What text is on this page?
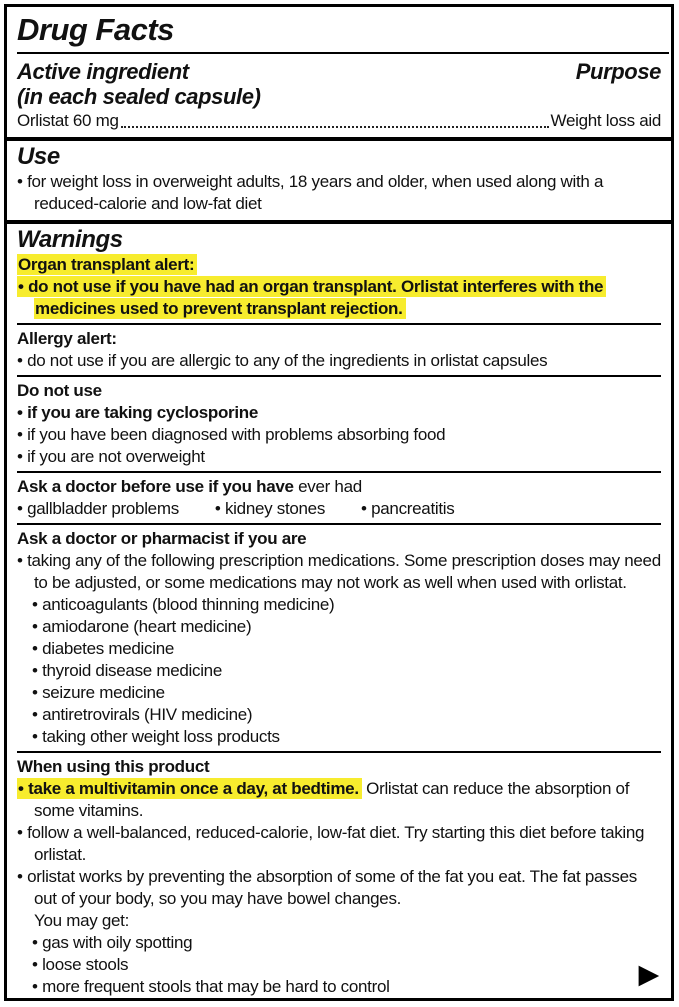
Drug Facts
Active ingredient
(in each sealed capsule)
Purpose
Orlistat 60 mg	Weight loss aid
Use
• for weight loss in overweight adults, 18 years and older, when used along with a reduced-calorie and low-fat diet
Warnings
Organ transplant alert:
• do not use if you have had an organ transplant. Orlistat interferes with the medicines used to prevent transplant rejection.
Allergy alert:
• do not use if you are allergic to any of the ingredients in orlistat capsules
Do not use
• if you are taking cyclosporine
• if you have been diagnosed with problems absorbing food
• if you are not overweight
Ask a doctor before use if you have ever had
• gallbladder problems	• kidney stones	• pancreatitis
Ask a doctor or pharmacist if you are
• taking any of the following prescription medications. Some prescription doses may need to be adjusted, or some medications may not work as well when used with orlistat.
• anticoagulants (blood thinning medicine)
• amiodarone (heart medicine)
• diabetes medicine
• thyroid disease medicine
• seizure medicine
• antiretrovirals (HIV medicine)
• taking other weight loss products
When using this product
• take a multivitamin once a day, at bedtime. Orlistat can reduce the absorption of some vitamins.
• follow a well-balanced, reduced-calorie, low-fat diet. Try starting this diet before taking orlistat.
• orlistat works by preventing the absorption of some of the fat you eat. The fat passes out of your body, so you may have bowel changes.
You may get:
• gas with oily spotting
• loose stools
• more frequent stools that may be hard to control	▶
